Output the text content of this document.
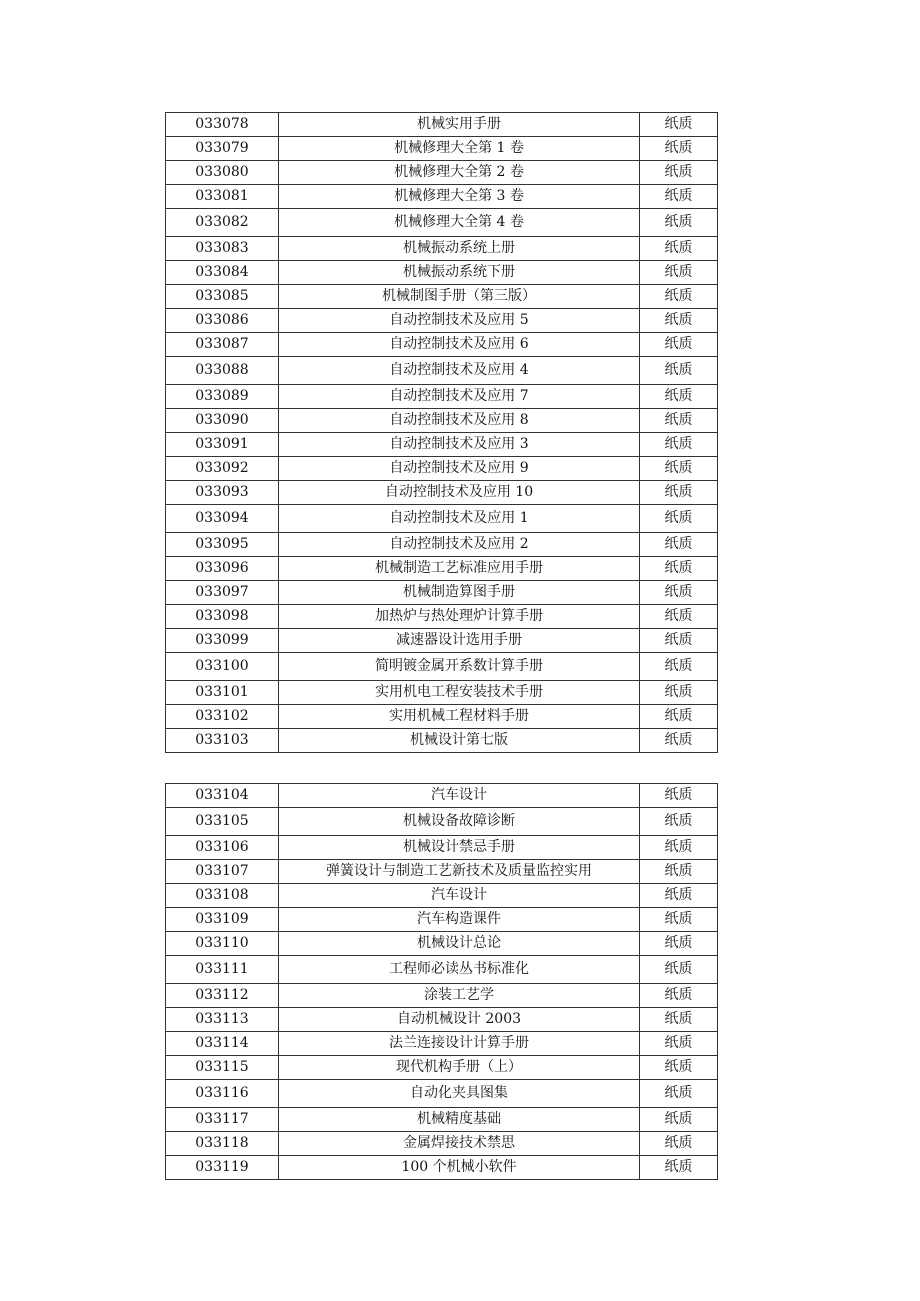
033078	机械实用手册	纸质
033079	机械修理大全第 1 卷	纸质
033080	机械修理大全第 2 卷	纸质
033081	机械修理大全第 3 卷	纸质
033082	机械修理大全第 4 卷	纸质
033083	机械振动系统上册	纸质
033084	机械振动系统下册	纸质
033085	机械制图手册（第三版）	纸质
033086	自动控制技术及应用 5	纸质
033087	自动控制技术及应用 6	纸质
033088	自动控制技术及应用 4	纸质
033089	自动控制技术及应用 7	纸质
033090	自动控制技术及应用 8	纸质
033091	自动控制技术及应用 3	纸质
033092	自动控制技术及应用 9	纸质
033093	自动控制技术及应用 10	纸质
033094	自动控制技术及应用 1	纸质
033095	自动控制技术及应用 2	纸质
033096	机械制造工艺标准应用手册	纸质
033097	机械制造算图手册	纸质
033098	加热炉与热处理炉计算手册	纸质
033099	减速器设计选用手册	纸质
033100	简明镀金属开系数计算手册	纸质
033101	实用机电工程安装技术手册	纸质
033102	实用机械工程材料手册	纸质
033103	机械设计第七版	纸质
033104	汽车设计	纸质
033105	机械设备故障诊断	纸质
033106	机械设计禁忌手册	纸质
033107	弹簧设计与制造工艺新技术及质量监控实用	纸质
033108	汽车设计	纸质
033109	汽车构造课件	纸质
033110	机械设计总论	纸质
033111	工程师必读丛书标准化	纸质
033112	涂装工艺学	纸质
033113	自动机械设计 2003	纸质
033114	法兰连接设计计算手册	纸质
033115	现代机构手册（上）	纸质
033116	自动化夹具图集	纸质
033117	机械精度基础	纸质
033118	金属焊接技术禁思	纸质
033119	100 个机械小软件	纸质
